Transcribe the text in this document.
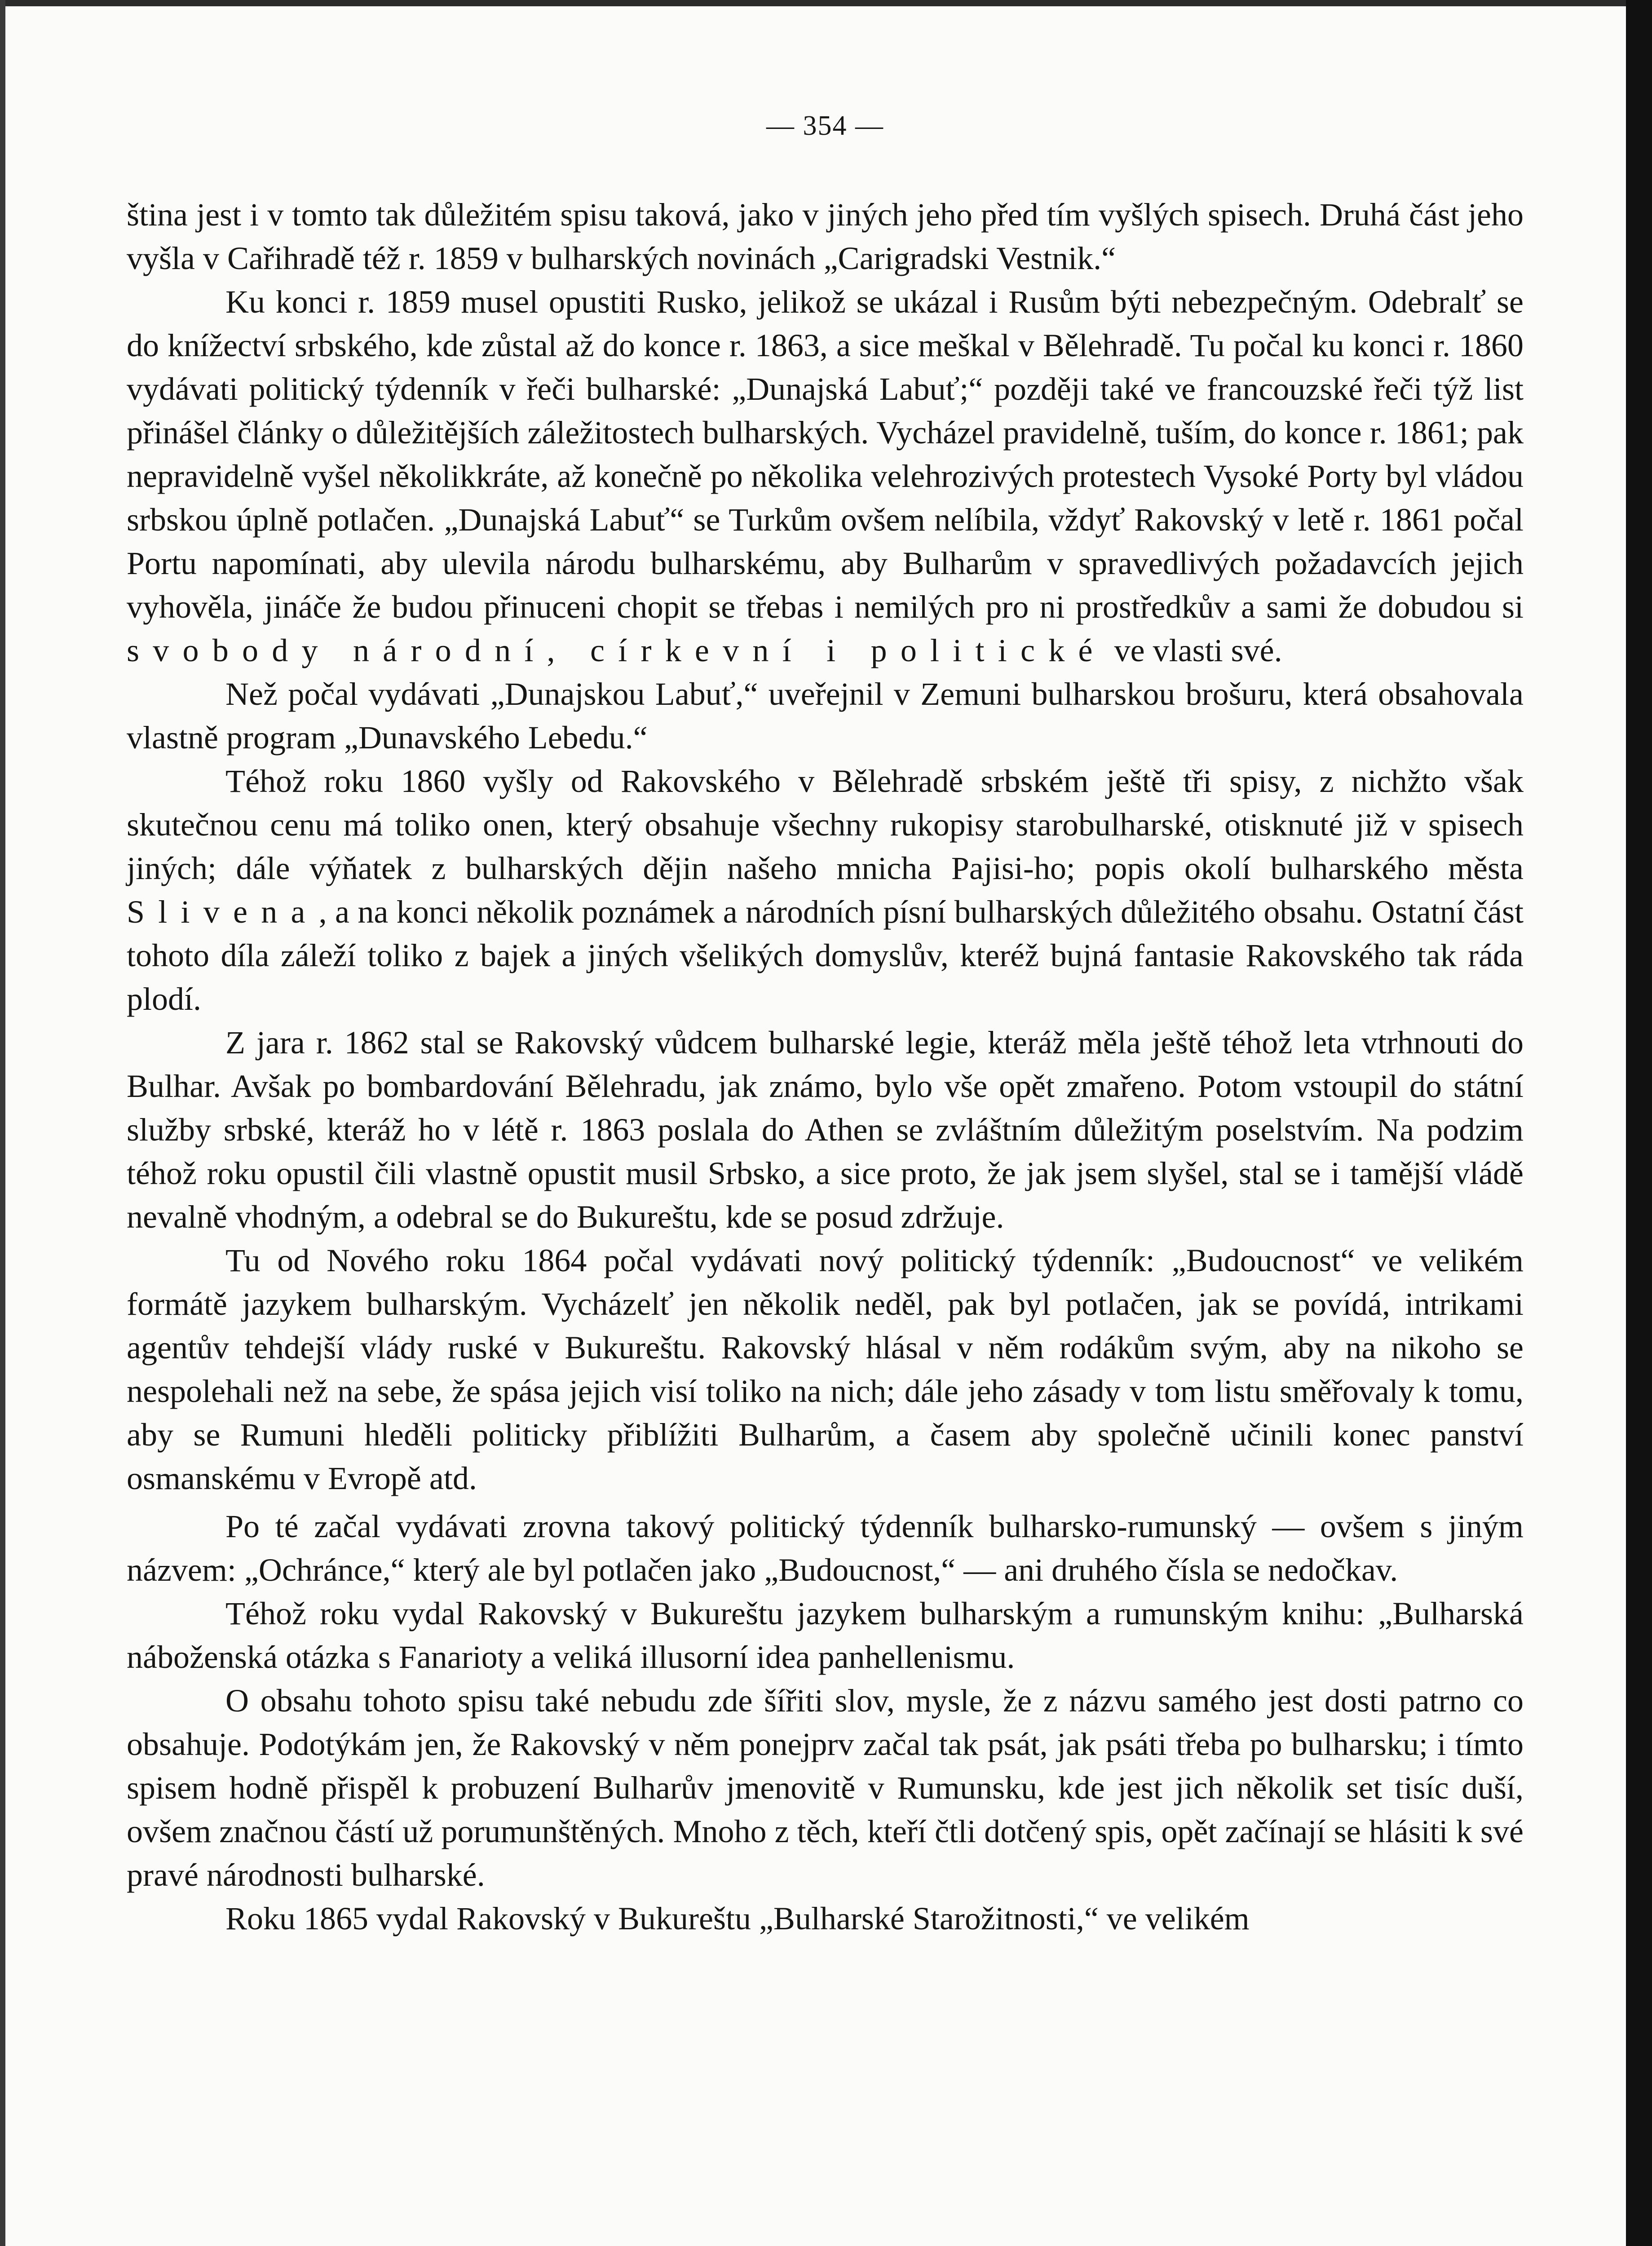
— 354 —

ština jest i v tomto tak důležitém spisu taková, jako v jiných jeho před tím vyšlých spisech. Druhá část jeho vyšla v Cařihradě též r. 1859 v bulharských novinách „Carigradski Vestnik.“

Ku konci r. 1859 musel opustiti Rusko, jelikož se ukázal i Rusům býti nebezpečným. Odebralť se do knížectví srbského, kde zůstal až do konce r. 1863, a sice meškal v Bělehradě. Tu počal ku konci r. 1860 vydávati politický týdenník v řeči bulharské: „Dunajská Labuť;“ později také ve francouzské řeči týž list přinášel články o důležitějších záležitostech bulharských. Vycházel pravidelně, tuším, do konce r. 1861; pak nepravidelně vyšel několikkráte, až konečně po několika velehrozivých protestech Vysoké Porty byl vládou srbskou úplně potlačen. „Dunajská Labuť“ se Turkům ovšem nelíbila, vždyť Rakovský v letě r. 1861 počal Portu napomínati, aby ulevila národu bulharskému, aby Bulharům v spravedlivých požadavcích jejich vyhověla, jináče že budou přinuceni chopit se třebas i nemilých pro ni prostředkův a sami že dobudou si svobody národní, církevní i politické ve vlasti své.

Než počal vydávati „Dunajskou Labuť,“ uveřejnil v Zemuni bulharskou brošuru, která obsahovala vlastně program „Dunavského Lebedu.“

Téhož roku 1860 vyšly od Rakovského v Bělehradě srbském ještě tři spisy, z nichžto však skutečnou cenu má toliko onen, který obsahuje všechny rukopisy starobulharské, otisknuté již v spisech jiných; dále výňatek z bulharských dějin našeho mnicha Pajisi-ho; popis okolí bulharského města Slivena, a na konci několik poznámek a národních písní bulharských důležitého obsahu. Ostatní část tohoto díla záleží toliko z bajek a jiných všelikých domyslův, kteréž bujná fantasie Rakovského tak ráda plodí.

Z jara r. 1862 stal se Rakovský vůdcem bulharské legie, kteráž měla ještě téhož leta vtrhnouti do Bulhar. Avšak po bombardování Bělehradu, jak známo, bylo vše opět zmařeno. Potom vstoupil do státní služby srbské, kteráž ho v létě r. 1863 poslala do Athen se zvláštním důležitým poselstvím. Na podzim téhož roku opustil čili vlastně opustit musil Srbsko, a sice proto, že jak jsem slyšel, stal se i tamější vládě nevalně vhodným, a odebral se do Bukureštu, kde se posud zdržuje.

Tu od Nového roku 1864 počal vydávati nový politický týdenník: „Budoucnost“ ve velikém formátě jazykem bulharským. Vycházelť jen několik neděl, pak byl potlačen, jak se povídá, intrikami agentův tehdejší vlády ruské v Bukureštu. Rakovský hlásal v něm rodákům svým, aby na nikoho se nespolehali než na sebe, že spása jejich visí toliko na nich; dále jeho zásady v tom listu směřovaly k tomu, aby se Rumuni hleděli politicky přiblížiti Bulharům, a časem aby společně učinili konec panství osmanskému v Evropě atd.

Po té začal vydávati zrovna takový politický týdenník bulharsko-rumunský — ovšem s jiným názvem: „Ochránce,“ který ale byl potlačen jako „Budoucnost,“ — ani druhého čísla se nedočkav.

Téhož roku vydal Rakovský v Bukureštu jazykem bulharským a rumunským knihu: „Bulharská náboženská otázka s Fanarioty a veliká illusorní idea panhellenismu.

O obsahu tohoto spisu také nebudu zde šířiti slov, mysle, že z názvu samého jest dosti patrno co obsahuje. Podotýkám jen, že Rakovský v něm ponejprv začal tak psát, jak psáti třeba po bulharsku; i tímto spisem hodně přispěl k probuzení Bulharův jmenovitě v Rumunsku, kde jest jich několik set tisíc duší, ovšem značnou částí už porumunštěných. Mnoho z těch, kteří čtli dotčený spis, opět začínají se hlásiti k své pravé národnosti bulharské.

Roku 1865 vydal Rakovský v Bukureštu „Bulharské Starožitnosti,“ ve velikém
